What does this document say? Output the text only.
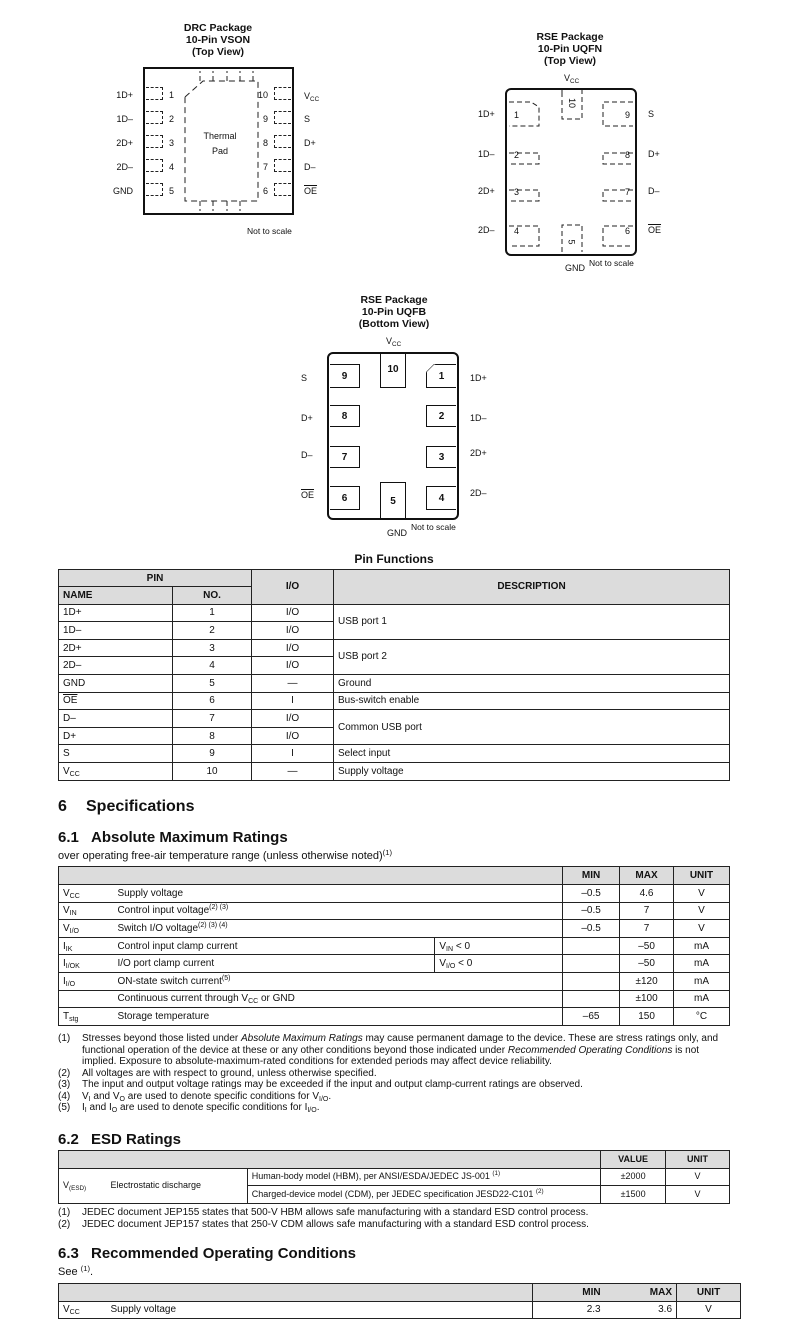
DRC Package
10-Pin VSON
(Top View)
Thermal
Pad
1
2
3
4
5
10
9
8
7
6
1D+
1D–
2D+
2D–
GND
$V_{CC}$
S
D+
D–
$\overline{OE}$
Not to scale
RSE Package
10-Pin UQFN
(Top View)
$V_{CC}$
1
2
3
4
9
8
7
6
10
5
1D+
1D–
2D+
2D–
S
D+
D–
$\overline{OE}$
GND Not to scale
RSE Package
10-Pin UQFB
(Bottom View)
$V_{CC}$
9
8
7
6
1
2
3
4
10
5
S
D+
D–
$\overline{OE}$
1D+
1D–
2D+
2D–
GND
Not to scale
Pin Functions
PIN		I/O	DESCRIPTION
NAME	NO.		
1D+	1	I/O	USB port 1
1D–	2	I/O	
2D+	3	I/O	USB port 2
2D–	4	I/O	
GND	5	—	Ground
$\overline{OE}$	6	I	Bus-switch enable
D–	7	I/O	Common USB port
D+	8	I/O	
S	9	I	Select input
$V_{CC}$	10	—	Supply voltage
6 Specifications
6.1 Absolute Maximum Ratings
over operating free-air temperature range (unless otherwise noted)$^{(1)}$
	MIN	MAX	UNIT
$V_{CC}$	Supply voltage		–0.5	4.6	V
$V_{IN}$	Control input voltage$^{(2) (3)}$		–0.5	7	V
$V_{I/O}$	Switch I/O voltage$^{(2) (3) (4)}$		–0.5	7	V
$I_{IK}$	Control input clamp current	$V_{IN} < 0$		–50	mA
$I_{I/OK}$	I/O port clamp current	$V_{I/O} < 0$		–50	mA
$I_{I/O}$	ON-state switch current$^{(5)}$			±120	mA
	Continuous current through $V_{CC}$ or GND			±100	mA
$T_{stg}$	Storage temperature		–65	150	°C
(1)	Stresses beyond those listed under Absolute Maximum Ratings may cause permanent damage to the device. These are stress ratings only, and functional operation of the device at these or any other conditions beyond those indicated under Recommended Operating Conditions is not implied. Exposure to absolute-maximum-rated conditions for extended periods may affect device reliability.
(2)	All voltages are with respect to ground, unless otherwise specified.
(3)	The input and output voltage ratings may be exceeded if the input and output clamp-current ratings are observed.
(4)	$V_I$ and $V_O$ are used to denote specific conditions for $V_{I/O}$.
(5)	$I_I$ and $I_O$ are used to denote specific conditions for $I_{I/O}$.
6.2 ESD Ratings
			VALUE	UNIT
$V_{(ESD)}$	Electrostatic discharge	Human-body model (HBM), per ANSI/ESDA/JEDEC JS-001 $^{(1)}$	±2000	V
		Charged-device model (CDM), per JEDEC specification JESD22-C101 $^{(2)}$	±1500	V
(1)	JEDEC document JEP155 states that 500-V HBM allows safe manufacturing with a standard ESD control process.
(2)	JEDEC document JEP157 states that 250-V CDM allows safe manufacturing with a standard ESD control process.
6.3 Recommended Operating Conditions
See $^{(1)}$.
		MIN	MAX	UNIT
$V_{CC}$	Supply voltage	2.3	3.6	V
